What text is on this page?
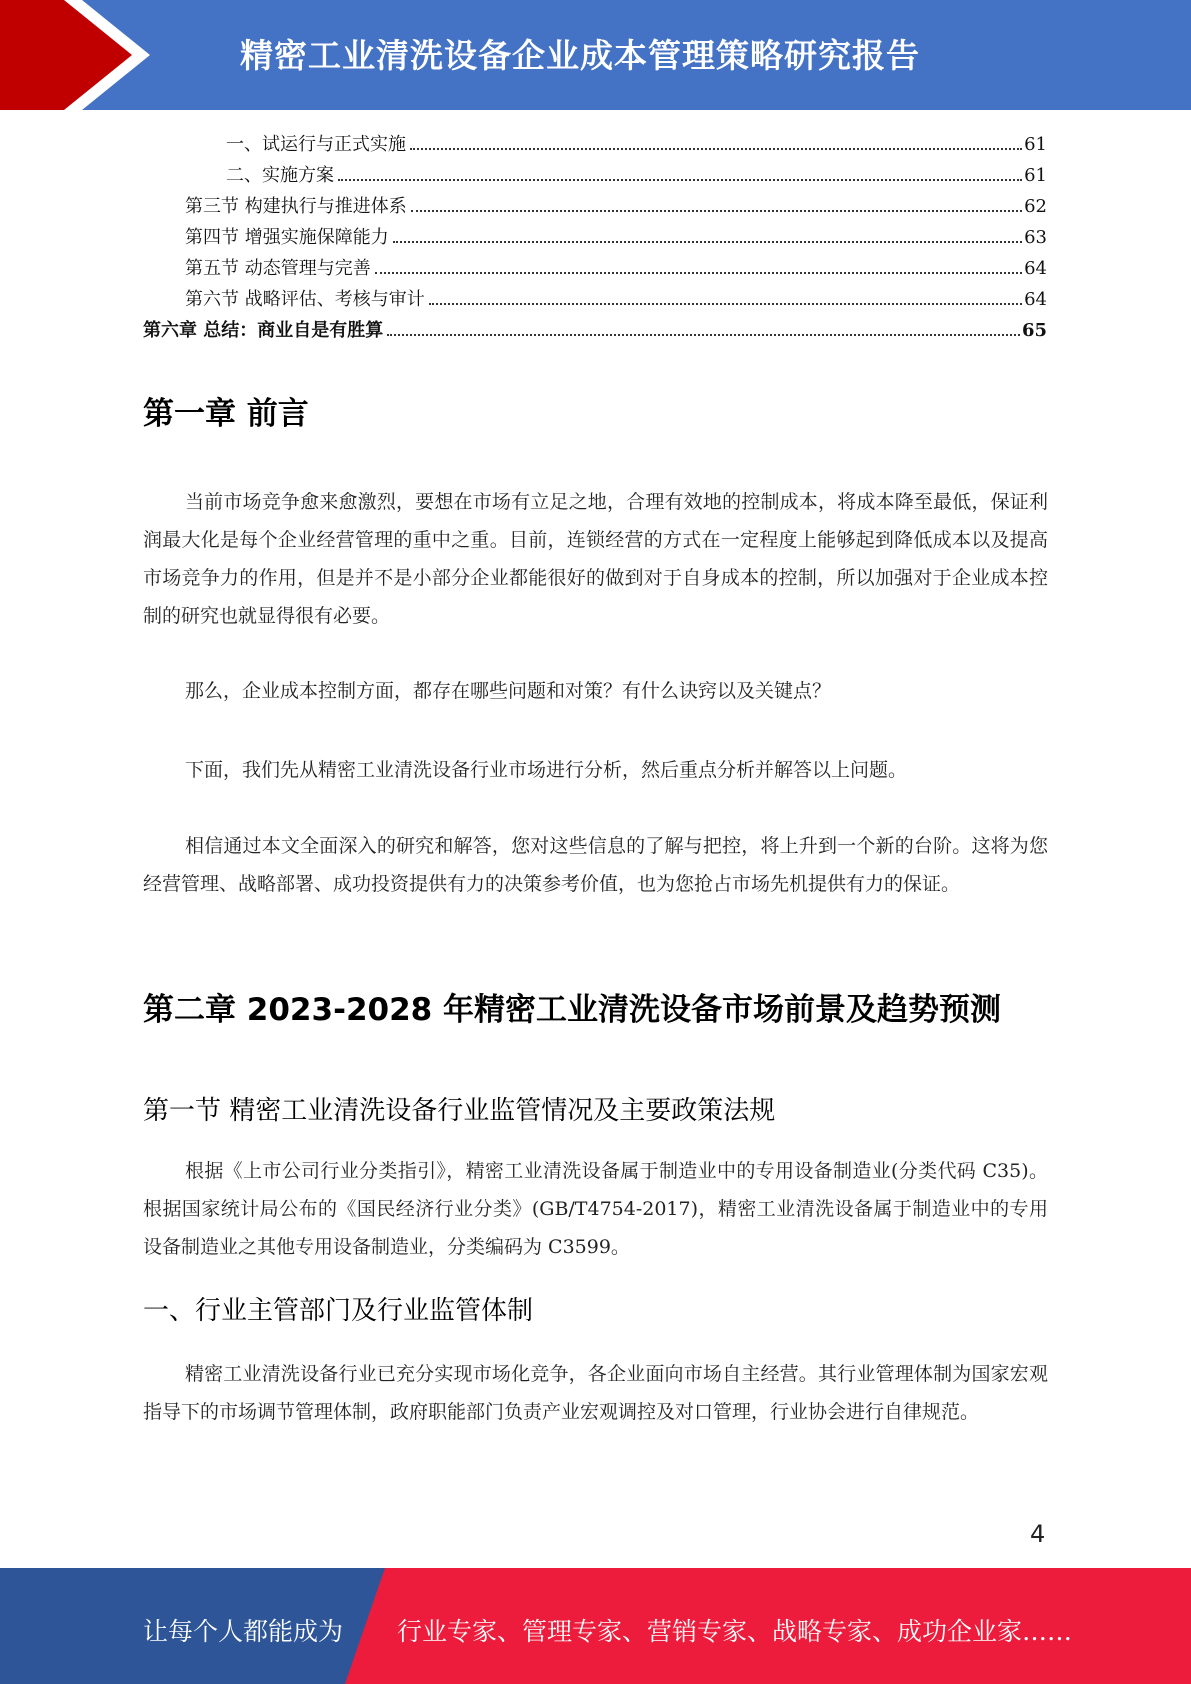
精密工业清洗设备企业成本管理策略研究报告
一、试运行与正式实施	61
二、实施方案	61
第三节 构建执行与推进体系	62
第四节 增强实施保障能力	63
第五节 动态管理与完善	64
第六节 战略评估、考核与审计	64
第六章 总结：商业自是有胜算	65
第一章 前言
当前市场竞争愈来愈激烈，要想在市场有立足之地，合理有效地的控制成本，将成本降至最低，保证利润最大化是每个企业经营管理的重中之重。目前，连锁经营的方式在一定程度上能够起到降低成本以及提高市场竞争力的作用，但是并不是小部分企业都能很好的做到对于自身成本的控制，所以加强对于企业成本控制的研究也就显得很有必要。
那么，企业成本控制方面，都存在哪些问题和对策？有什么诀窍以及关键点？
下面，我们先从精密工业清洗设备行业市场进行分析，然后重点分析并解答以上问题。
相信通过本文全面深入的研究和解答，您对这些信息的了解与把控，将上升到一个新的台阶。这将为您经营管理、战略部署、成功投资提供有力的决策参考价值，也为您抢占市场先机提供有力的保证。
第二章 2023-2028 年精密工业清洗设备市场前景及趋势预测
第一节 精密工业清洗设备行业监管情况及主要政策法规
根据《上市公司行业分类指引》，精密工业清洗设备属于制造业中的专用设备制造业(分类代码 C35)。根据国家统计局公布的《国民经济行业分类》(GB/T4754-2017)，精密工业清洗设备属于制造业中的专用设备制造业之其他专用设备制造业，分类编码为 C3599。
一、行业主管部门及行业监管体制
精密工业清洗设备行业已充分实现市场化竞争，各企业面向市场自主经营。其行业管理体制为国家宏观指导下的市场调节管理体制，政府职能部门负责产业宏观调控及对口管理，行业协会进行自律规范。
4
让每个人都能成为 行业专家、管理专家、营销专家、战略专家、成功企业家……
